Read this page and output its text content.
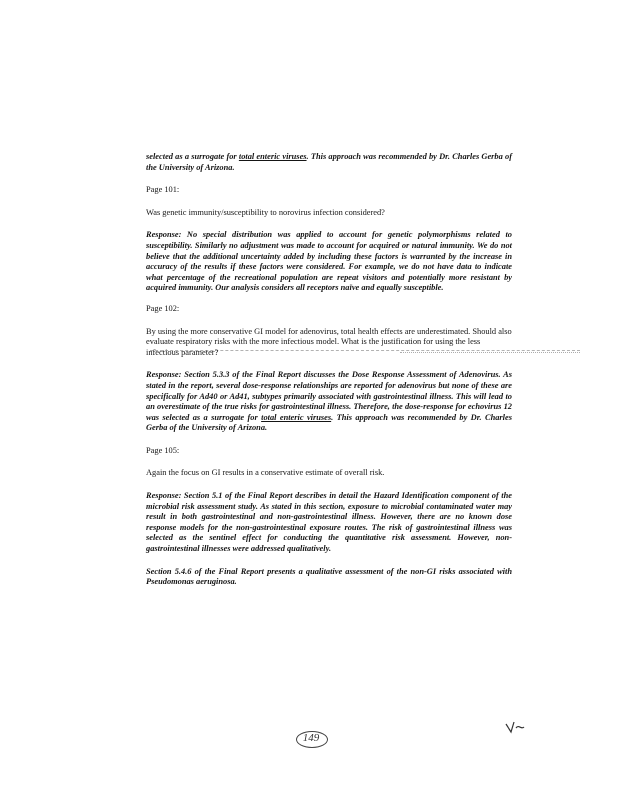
selected as a surrogate for total enteric viruses. This approach was recommended by Dr. Charles Gerba of the University of Arizona.

Page 101:

Was genetic immunity/susceptibility to norovirus infection considered?

Response: No special distribution was applied to account for genetic polymorphisms related to susceptibility. Similarly no adjustment was made to account for acquired or natural immunity. We do not believe that the additional uncertainty added by including these factors is warranted by the increase in accuracy of the results if these factors were considered. For example, we do not have data to indicate what percentage of the recreational population are repeat visitors and potentially more resistant by acquired immunity. Our analysis considers all receptors naïve and equally susceptible.

Page 102:

By using the more conservative GI model for adenovirus, total health effects are underestimated. Should also evaluate respiratory risks with the more infectious model. What is the justification for using the less infectious parameter?

Response: Section 5.3.3 of the Final Report discusses the Dose Response Assessment of Adenovirus. As stated in the report, several dose-response relationships are reported for adenovirus but none of these are specifically for Ad40 or Ad41, subtypes primarily associated with gastrointestinal illness. This will lead to an overestimate of the true risks for gastrointestinal illness. Therefore, the dose-response for echovirus 12 was selected as a surrogate for total enteric viruses. This approach was recommended by Dr. Charles Gerba of the University of Arizona.

Page 105:

Again the focus on GI results in a conservative estimate of overall risk.

Response: Section 5.1 of the Final Report describes in detail the Hazard Identification component of the microbial risk assessment study. As stated in this section, exposure to microbial contaminated water may result in both gastrointestinal and non-gastrointestinal illness. However, there are no known dose response models for the non-gastrointestinal exposure routes. The risk of gastrointestinal illness was selected as the sentinel effect for conducting the quantitative risk assessment. However, non-gastrointestinal illnesses were addressed qualitatively.

Section 5.4.6 of the Final Report presents a qualitative assessment of the non-GI risks associated with Pseudomonas aeruginosa.

149
